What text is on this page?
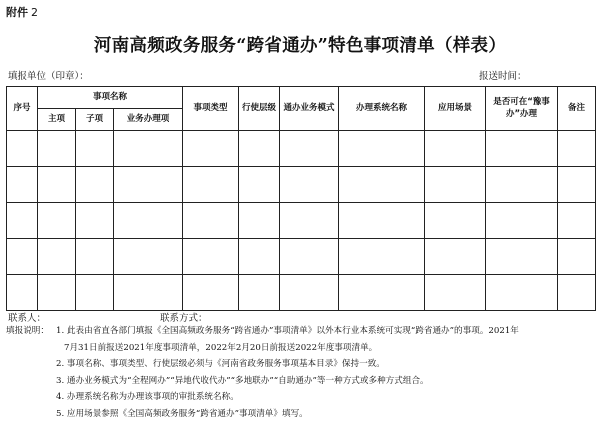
附件 2
河南高频政务服务“跨省通办”特色事项清单（样表）
填报单位（印章）：	报送时间：
序号	事项名称			事项类型	行使层级	通办业务模式	办理系统名称	应用场景	是否可在“豫事办”办理	备注
	主项	子项	业务办理项							

联系人：	联系方式：
填报说明： 1. 此表由省直各部门填报《全国高频政务服务“跨省通办”事项清单》以外本行业本系统可实现“跨省通办”的事项。2021年
7月31日前报送2021年度事项清单，2022年2月20日前报送2022年度事项清单。
2. 事项名称、事项类型、行使层级必须与《河南省政务服务事项基本目录》保持一致。
3. 通办业务模式为“全程网办”“异地代收代办”“多地联办”“自助通办”等一种方式或多种方式组合。
4. 办理系统名称为办理该事项的审批系统名称。
5. 应用场景参照《全国高频政务服务“跨省通办”事项清单》填写。
